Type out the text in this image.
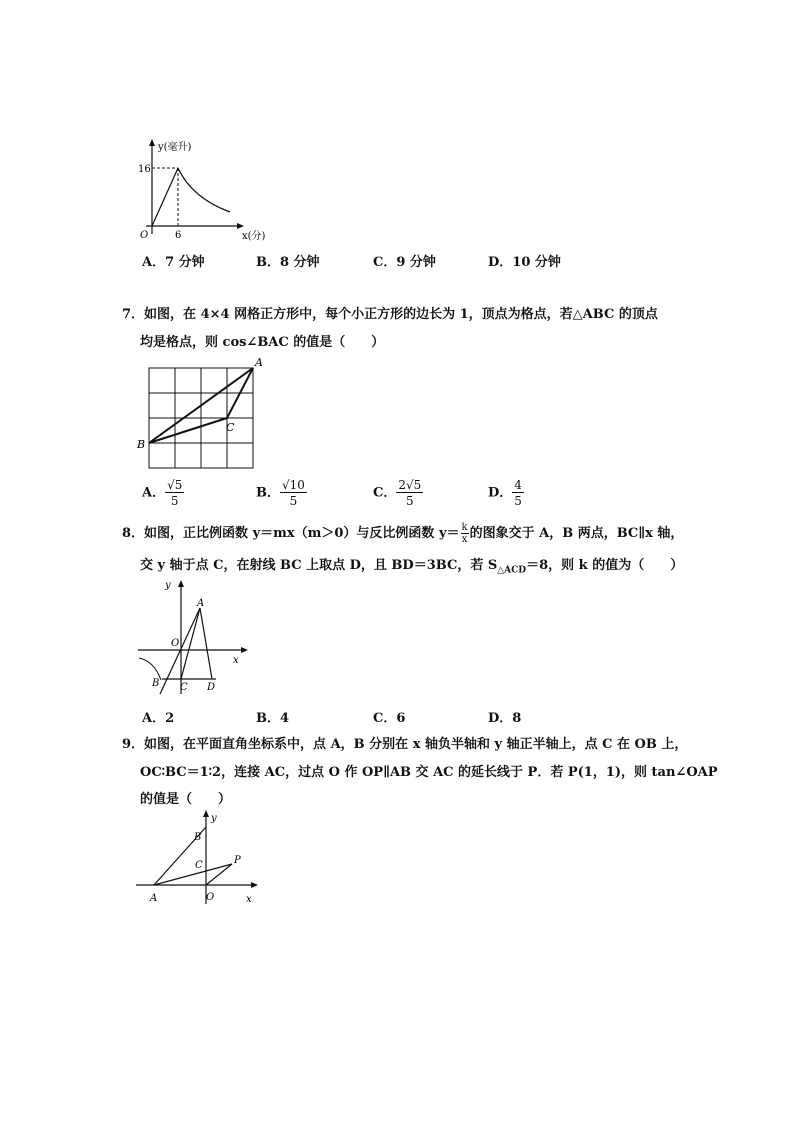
y(毫升)
16
6
O	x(分)
A．7 分钟	B．8 分钟	C．9 分钟	D．10 分钟
7．如图，在 4×4 网格正方形中，每个小正方形的边长为 1，顶点为格点，若△ABC 的顶点
均是格点，则 cos∠BAC 的值是（　　）
A
B
C
A． $\frac{√5}{5}$	B． $\frac{√10}{5}$	C． $\frac{2√5}{5}$	D． $\frac{4}{5}$
8．如图，正比例函数 y＝mx（m＞0）与反比例函数 $y= \frac{k}{x}$ 的图象交于 A，B 两点，BC∥x 轴，
交 y 轴于点 C，在射线 BC 上取点 D，且 BD＝3BC，若 $S_{\triangle ACD}=8$，则 k 的值为（　　）
y
x
O
A
B C D
A．2	B．4	C．6	D．8
9．如图，在平面直角坐标系中，点 A，B 分别在 x 轴负半轴和 y 轴正半轴上，点 C 在 OB 上，
OC∶BC＝1∶2，连接 AC，过点 O 作 OP∥AB 交 AC 的延长线于 P．若 P(1，1)，则 tan∠OAP
的值是（　　）
y
x
O
A
B
C	P
